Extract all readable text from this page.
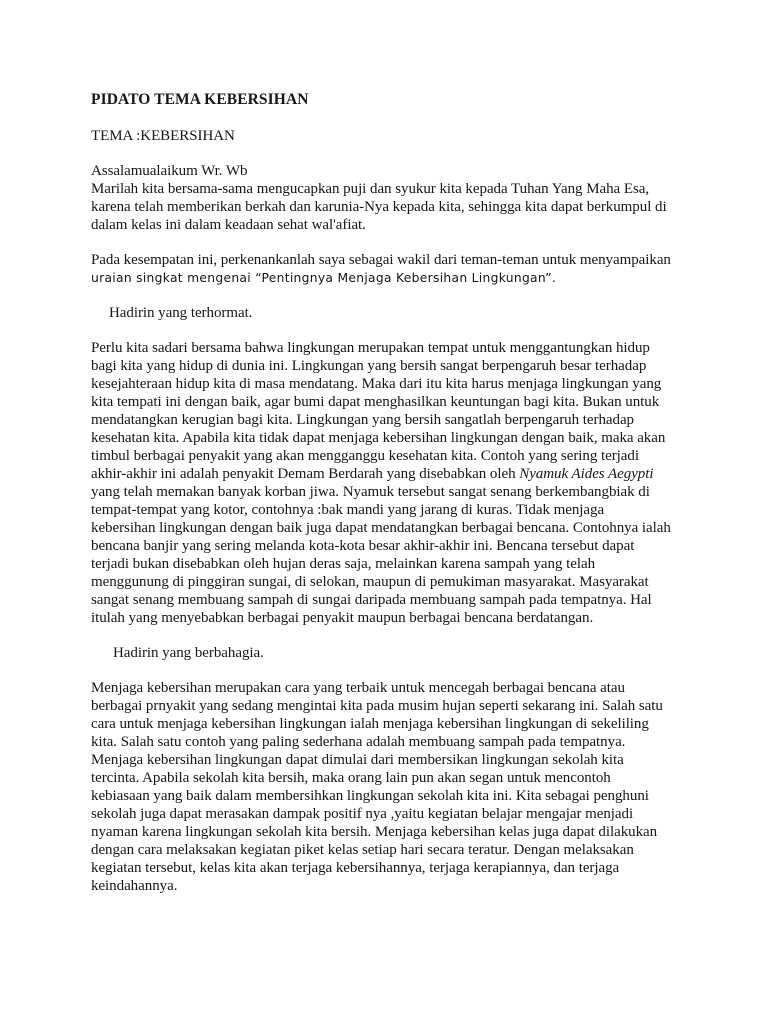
PIDATO TEMA KEBERSIHAN
TEMA :KEBERSIHAN
Assalamualaikum Wr. Wb
Marilah kita bersama-sama mengucapkan puji dan syukur kita kepada Tuhan Yang Maha Esa,
karena telah memberikan berkah dan karunia-Nya kepada kita, sehingga kita dapat berkumpul di
dalam kelas ini dalam keadaan sehat wal'afiat.
Pada kesempatan ini, perkenankanlah saya sebagai wakil dari teman-teman untuk menyampaikan
uraian singkat mengenai “Pentingnya Menjaga Kebersihan Lingkungan”.
Hadirin yang terhormat.
Perlu kita sadari bersama bahwa lingkungan merupakan tempat untuk menggantungkan hidup
bagi kita yang hidup di dunia ini. Lingkungan yang bersih sangat berpengaruh besar terhadap
kesejahteraan hidup kita di masa mendatang. Maka dari itu kita harus menjaga lingkungan yang
kita tempati ini dengan baik, agar bumi dapat menghasilkan keuntungan bagi kita. Bukan untuk
mendatangkan kerugian bagi kita. Lingkungan yang bersih sangatlah berpengaruh terhadap
kesehatan kita. Apabila kita tidak dapat menjaga kebersihan lingkungan dengan baik, maka akan
timbul berbagai penyakit yang akan mengganggu kesehatan kita. Contoh yang sering terjadi
akhir-akhir ini adalah penyakit Demam Berdarah yang disebabkan oleh Nyamuk Aides Aegypti
yang telah memakan banyak korban jiwa. Nyamuk tersebut sangat senang berkembangbiak di
tempat-tempat yang kotor, contohnya :bak mandi yang jarang di kuras. Tidak menjaga
kebersihan lingkungan dengan baik juga dapat mendatangkan berbagai bencana. Contohnya ialah
bencana banjir yang sering melanda kota-kota besar akhir-akhir ini. Bencana tersebut dapat
terjadi bukan disebabkan oleh hujan deras saja, melainkan karena sampah yang telah
menggunung di pinggiran sungai, di selokan, maupun di pemukiman masyarakat. Masyarakat
sangat senang membuang sampah di sungai daripada membuang sampah pada tempatnya. Hal
itulah yang menyebabkan berbagai penyakit maupun berbagai bencana berdatangan.
Hadirin yang berbahagia.
Menjaga kebersihan merupakan cara yang terbaik untuk mencegah berbagai bencana atau
berbagai prnyakit yang sedang mengintai kita pada musim hujan seperti sekarang ini. Salah satu
cara untuk menjaga kebersihan lingkungan ialah menjaga kebersihan lingkungan di sekeliling
kita. Salah satu contoh yang paling sederhana adalah membuang sampah pada tempatnya.
Menjaga kebersihan lingkungan dapat dimulai dari membersikan lingkungan sekolah kita
tercinta. Apabila sekolah kita bersih, maka orang lain pun akan segan untuk mencontoh
kebiasaan yang baik dalam membersihkan lingkungan sekolah kita ini. Kita sebagai penghuni
sekolah juga dapat merasakan dampak positif nya ,yaitu kegiatan belajar mengajar menjadi
nyaman karena lingkungan sekolah kita bersih. Menjaga kebersihan kelas juga dapat dilakukan
dengan cara melaksakan kegiatan piket kelas setiap hari secara teratur. Dengan melaksakan
kegiatan tersebut, kelas kita akan terjaga kebersihannya, terjaga kerapiannya, dan terjaga
keindahannya.
